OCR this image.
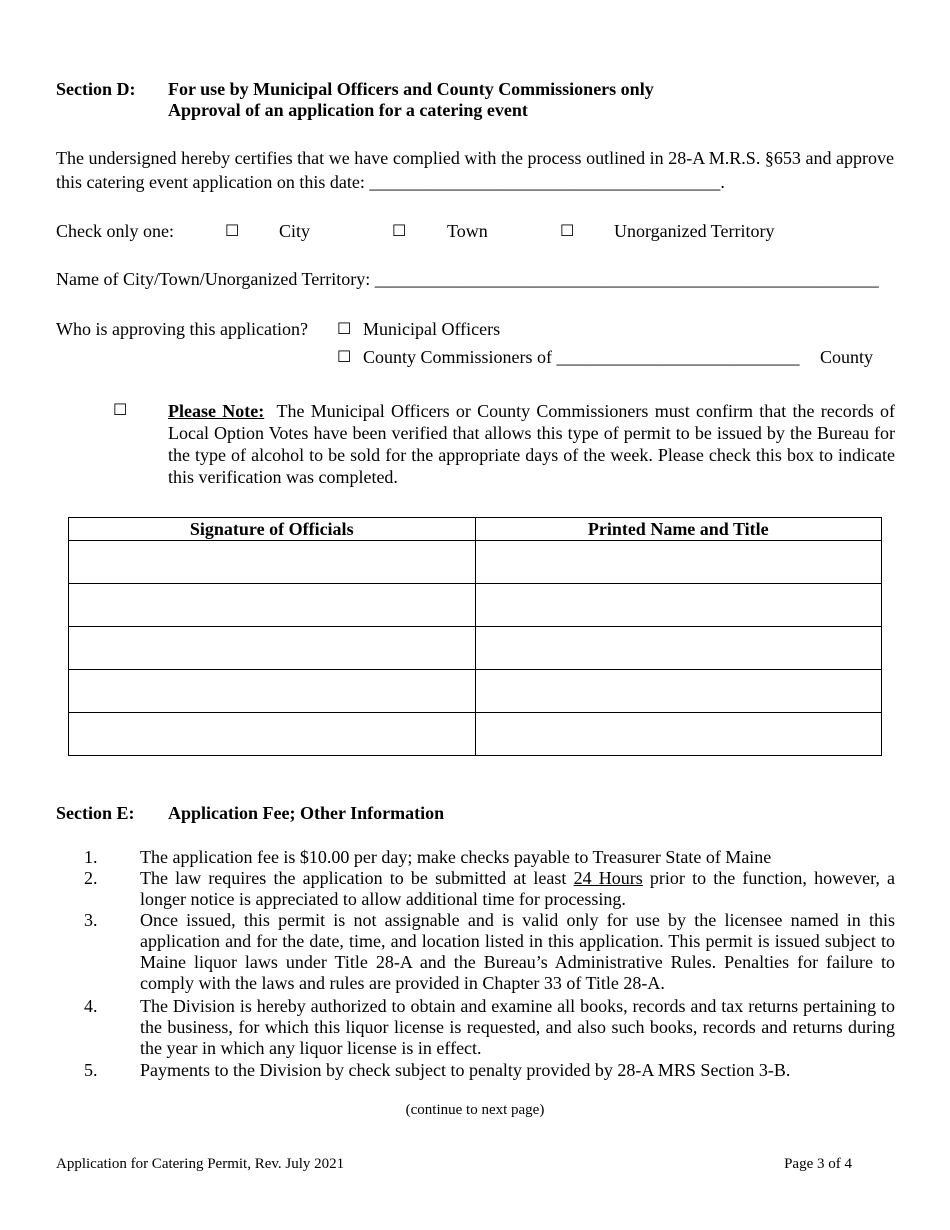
Section D: For use by Municipal Officers and County Commissioners only
Approval of an application for a catering event
The undersigned hereby certifies that we have complied with the process outlined in 28-A M.R.S. §653 and approve this catering event application on this date: _______________________________________.
Check only one:	☐ City	☐ Town	☐ Unorganized Territory
Name of City/Town/Unorganized Territory: ________________________________________________________
Who is approving this application? ☐ Municipal Officers
☐ County Commissioners of ___________________________ County
☐ Please Note: The Municipal Officers or County Commissioners must confirm that the records of Local Option Votes have been verified that allows this type of permit to be issued by the Bureau for the type of alcohol to be sold for the appropriate days of the week. Please check this box to indicate this verification was completed.
Signature of Officials	Printed Name and Title

Section E: Application Fee; Other Information
1. The application fee is $10.00 per day; make checks payable to Treasurer State of Maine
2. The law requires the application to be submitted at least 24 Hours prior to the function, however, a longer notice is appreciated to allow additional time for processing.
3. Once issued, this permit is not assignable and is valid only for use by the licensee named in this application and for the date, time, and location listed in this application. This permit is issued subject to Maine liquor laws under Title 28-A and the Bureau’s Administrative Rules. Penalties for failure to comply with the laws and rules are provided in Chapter 33 of Title 28-A.
4. The Division is hereby authorized to obtain and examine all books, records and tax returns pertaining to the business, for which this liquor license is requested, and also such books, records and returns during the year in which any liquor license is in effect.
5. Payments to the Division by check subject to penalty provided by 28-A MRS Section 3-B.
(continue to next page)
Application for Catering Permit, Rev. July 2021	Page 3 of 4
